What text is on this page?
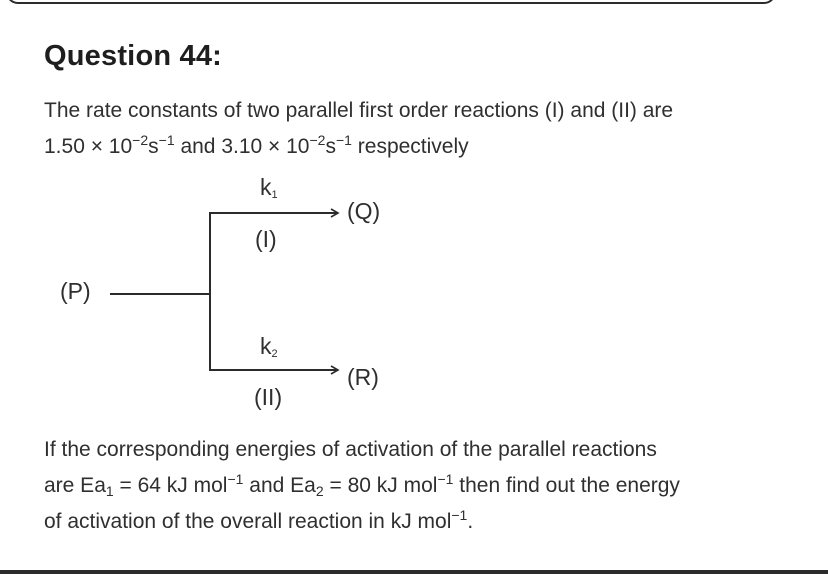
Question 44:
The rate constants of two parallel first order reactions (I) and (II) are
$1.50 \times 10^{-2}s^{-1}$ and $3.10 \times 10^{-2}s^{-1}$ respectively
(P)
(Q)
(R)
$k_1$
(I)
$k_2$
(II)
If the corresponding energies of activation of the parallel reactions
are $Ea_1 = 64$ kJ mol$^{-1}$ and $Ea_2 = 80$ kJ mol$^{-1}$ then find out the energy
of activation of the overall reaction in kJ mol$^{-1}$.
